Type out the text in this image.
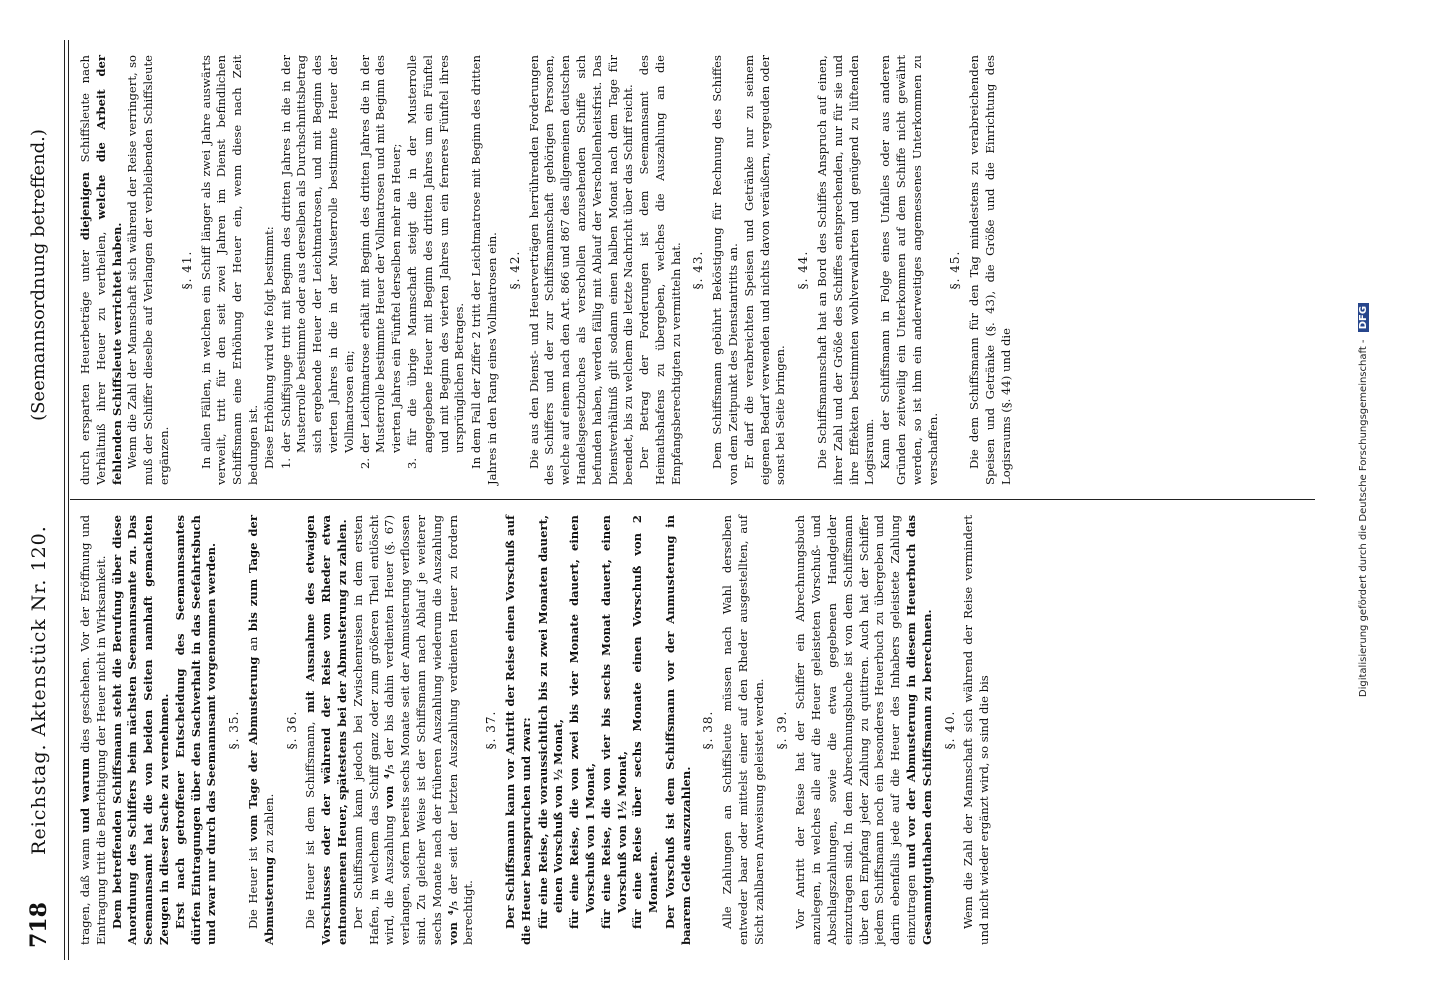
718
Reichstag. Aktenstück Nr. 120.
(Seemannsordnung betreffend.)

tragen, daß wann und warum dies geschehen. Vor der Eröffnung und Eintragung tritt die Berichtigung der Heuer nicht in Wirksamkeit. Dem betreffenden Schiffsmann steht die Berufung über diese Anordnung des Schiffers beim nächsten Seemannsamte zu. Das Seemannsamt hat die von beiden Seiten namhaft gemachten Zeugen in dieser Sache zu vernehmen. Erst nach getroffener Entscheidung des Seemannsamtes dürfen Eintragungen über den Sachverhalt in das Seefahrtsbuch und zwar nur durch das Seemannsamt vorgenommen werden. §. 35.

Die Heuer ist vom Tage der Abmusterung an bis zum Tage der Abmusterung zu zahlen.

§. 36. Die Heuer ist dem Schiffsmann, mit Ausnahme des etwaigen Vorschusses oder der während der Reise vom Rheder etwa entnommenen Heuer, spätestens bei der Abmusterung zu zahlen. Der Schiffsmann kann jedoch bei Zwischenreisen in dem ersten Hafen, in welchem das Schiff ganz oder zum größeren Theil entlöscht wird, die Auszahlung von ⁴/₅ der bis dahin verdienten Heuer (§. 67) verlangen, sofern bereits sechs Monate seit der Anmusterung verflossen sind. Zu gleicher Weise ist der Schiffsmann nach Ablauf je weiterer sechs Monate nach der früheren Auszahlung wiederum die Auszahlung von ⁴/₅ der seit der letzten Auszahlung verdienten Heuer zu fordern berechtigt.

§. 37. Der Schiffsmann kann vor Antritt der Reise einen Vorschuß auf die Heuer beanspruchen und zwar: für eine Reise, die voraussichtlich bis zu zwei Monaten dauert, einen Vorschuß von ½ Monat, für eine Reise, die von zwei bis vier Monate dauert, einen Vorschuß von 1 Monat, für eine Reise, die von vier bis sechs Monat dauert, einen Vorschuß von 1½ Monat, für eine Reise über sechs Monate einen Vorschuß von 2 Monaten. Der Vorschuß ist dem Schiffsmann vor der Anmusterung in baarem Gelde auszuzahlen.

§. 38. Alle Zahlungen an Schiffsleute müssen nach Wahl derselben entweder baar oder mittelst einer auf den Rheder ausgestellten, auf Sicht zahlbaren Anweisung geleistet werden. §. 39. Vor Antritt der Reise hat der Schiffer ein Abrechnungsbuch anzulegen, in welches alle auf die Heuer geleisteten Vorschuß- und Abschlagszahlungen, sowie die etwa gegebenen Handgelder einzutragen sind. In dem Abrechnungsbuche ist von dem Schiffsmann über den Empfang jeder Zahlung zu quittiren. Auch hat der Schiffer jedem Schiffsmann noch ein besonderes Heuerbuch zu übergeben und darin ebenfalls jede auf die Heuer des Inhabers geleistete Zahlung einzutragen und vor der Abmusterung in diesem Heuerbuch das Gesammtguthaben dem Schiffsmann zu berechnen. §. 40. Wenn die Zahl der Mannschaft sich während der Reise vermindert und nicht wieder ergänzt wird, so sind die bis

durch ersparten Heuerbeträge unter diejenigen Schiffsleute nach Verhältniß ihrer Heuer zu vertheilen, welche die Arbeit der fehlenden Schiffsleute verrichtet haben. Wenn die Zahl der Mannschaft sich während der Reise verringert, so muß der Schiffer dieselbe auf Verlangen der verbleibenden Schiffsleute ergänzen.

§. 41. In allen Fällen, in welchen ein Schiff länger als zwei Jahre auswärts verweilt, tritt für den seit zwei Jahren im Dienst befindlichen Schiffsmann eine Erhöhung der Heuer ein, wenn diese nach Zeit bedungen ist. Diese Erhöhung wird wie folgt bestimmt: 1. der Schiffsjunge tritt mit Beginn des dritten Jahres in die in der Musterrolle bestimmte oder aus derselben als Durchschnittsbetrag sich ergebende Heuer der Leichtmatrosen, und mit Beginn des vierten Jahres in die in der Musterrolle bestimmte Heuer der Vollmatrosen ein; 2. der Leichtmatrose erhält mit Beginn des dritten Jahres die in der Musterrolle bestimmte Heuer der Vollmatrosen und mit Beginn des vierten Jahres ein Fünftel derselben mehr an Heuer; 3. für die übrige Mannschaft steigt die in der Musterrolle angegebene Heuer mit Beginn des dritten Jahres um ein Fünftel und mit Beginn des vierten Jahres um ein ferneres Fünftel ihres ursprünglichen Betrages. In dem Fall der Ziffer 2 tritt der Leichtmatrose mit Beginn des dritten Jahres in den Rang eines Vollmatrosen ein. §. 42. Die aus den Dienst- und Heuerverträgen herrührenden Forderungen des Schiffers und der zur Schiffsmannschaft gehörigen Personen, welche auf einem nach den Art. 866 und 867 des allgemeinen deutschen Handelsgesetzbuches als verschollen anzusehenden Schiffe sich befunden haben, werden fällig mit Ablauf der Verschollenheitsfrist. Das Dienstverhältniß gilt sodann einen halben Monat nach dem Tage für beendet, bis zu welchem die letzte Nachricht über das Schiff reicht. Der Betrag der Forderungen ist dem Seemannsamt des Heimathshafens zu übergeben, welches die Auszahlung an die Empfangsberechtigten zu vermitteln hat. §. 43. Dem Schiffsmann gebührt Beköstigung für Rechnung des Schiffes von dem Zeitpunkt des Dienstantritts an. Er darf die verabreichten Speisen und Getränke nur zu seinem eigenen Bedarf verwenden und nichts davon veräußern, vergeuden oder sonst bei Seite bringen.

§. 44. Die Schiffsmannschaft hat an Bord des Schiffes Anspruch auf einen, ihrer Zahl und der Größe des Schiffes entsprechenden, nur für sie und ihre Effekten bestimmten wohlverwahrten und genügend zu lüftenden Logisraum. Kann der Schiffsmann in Folge eines Unfalles oder aus anderen Gründen zeitweilig ein Unterkommen auf dem Schiffe nicht gewährt werden, so ist ihm ein anderweitiges angemessenes Unterkommen zu verschaffen.

§. 45. Die dem Schiffsmann für den Tag mindestens zu verabreichenden Speisen und Getränke (§. 43), die Größe und die Einrichtung des Logisraums (§. 44) und die	Digitalisierung gefördert durch die Deutsche Forschungsgemeinschaft - DFG
